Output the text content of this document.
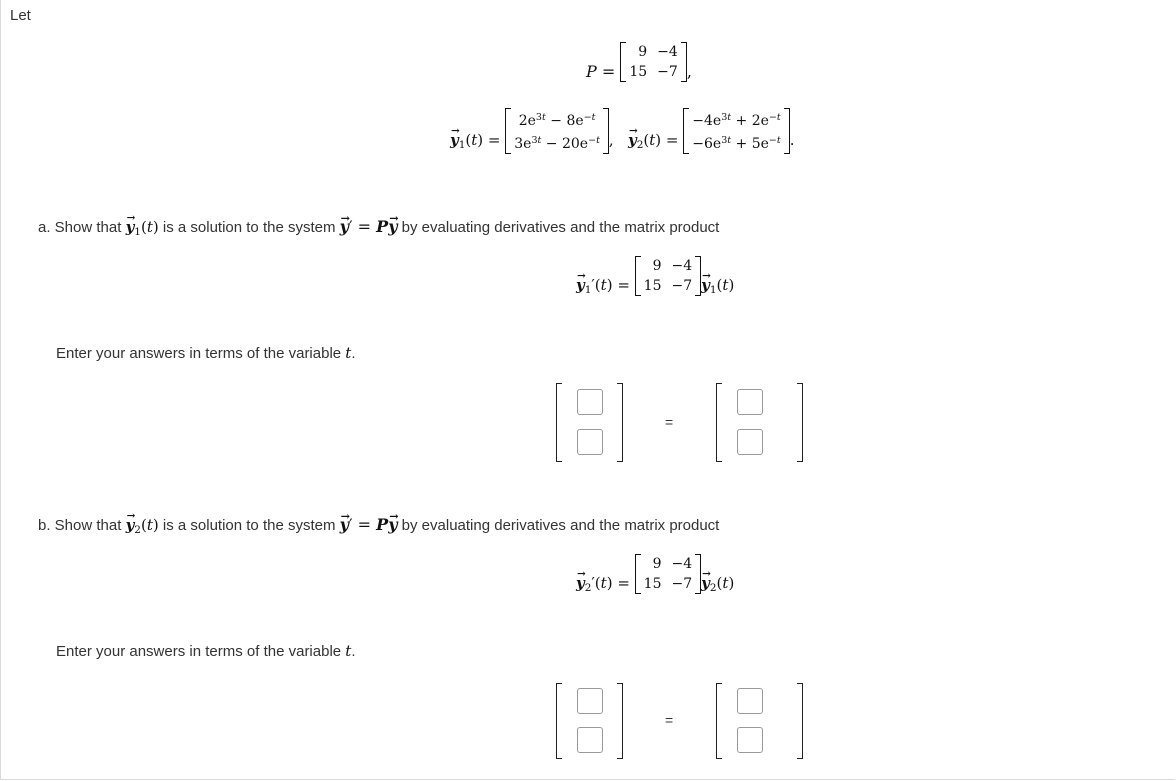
Let
P =
9
15
−4
−7 ,
→ $y_1(t)$ =
$2e^{3t} - 8e^{-t}$
$3e^{3t} - 20e^{-t}$ ,   → $y_2(t)$ =
$-4e^{3t} + 2e^{-t}$
$-6e^{3t} + 5e^{-t}$ .
a. Show that → $y_1(t)$ is a solution to the system → y′ = P→ y by evaluating derivatives and the matrix product
→ $y_1'(t)$ =
9
15
−4
−7
→ $y_1(t)$
Enter your answers in terms of the variable t.
=
b. Show that → $y_2(t)$ is a solution to the system → y′ = P→ y by evaluating derivatives and the matrix product
→ $y_2'(t)$ =
9
15
−4
−7
→ $y_2(t)$
Enter your answers in terms of the variable t.
=
